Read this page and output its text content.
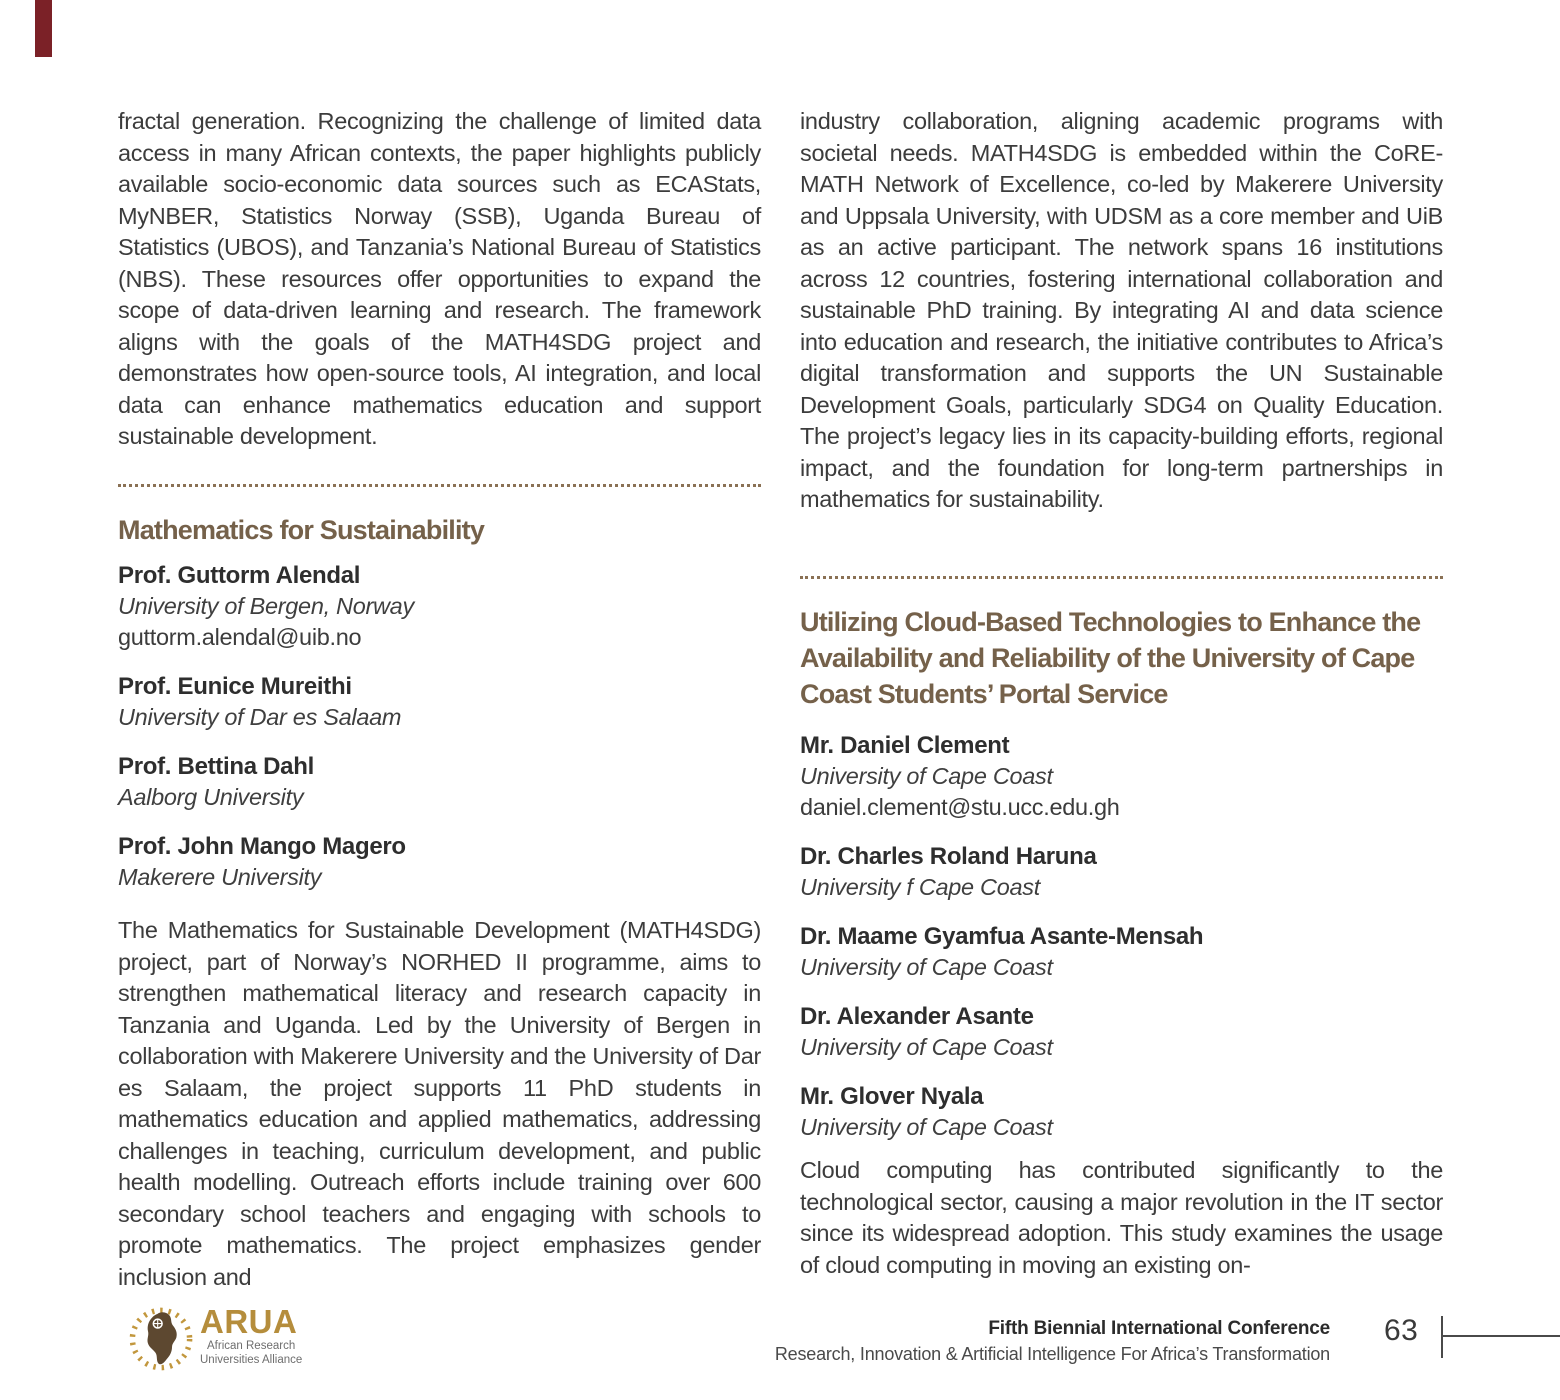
fractal generation. Recognizing the challenge of limited data access in many African contexts, the paper highlights publicly available socio-economic data sources such as ECAStats, MyNBER, Statistics Norway (SSB), Uganda Bureau of Statistics (UBOS), and Tanzania’s National Bureau of Statistics (NBS). These resources offer opportunities to expand the scope of data-driven learning and research. The framework aligns with the goals of the MATH4SDG project and demonstrates how open-source tools, AI integration, and local data can enhance mathematics education and support sustainable development.
Mathematics for Sustainability
Prof. Guttorm Alendal
University of Bergen, Norway
guttorm.alendal@uib.no
Prof. Eunice Mureithi
University of Dar es Salaam
Prof. Bettina Dahl
Aalborg University
Prof. John Mango Magero
Makerere University
The Mathematics for Sustainable Development (MATH4SDG) project, part of Norway’s NORHED II programme, aims to strengthen mathematical literacy and research capacity in Tanzania and Uganda. Led by the University of Bergen in collaboration with Makerere University and the University of Dar es Salaam, the project supports 11 PhD students in mathematics education and applied mathematics, addressing challenges in teaching, curriculum development, and public health modelling. Outreach efforts include training over 600 secondary school teachers and engaging with schools to promote mathematics. The project emphasizes gender inclusion and
industry collaboration, aligning academic programs with societal needs. MATH4SDG is embedded within the CoRE-MATH Network of Excellence, co-led by Makerere University and Uppsala University, with UDSM as a core member and UiB as an active participant. The network spans 16 institutions across 12 countries, fostering international collaboration and sustainable PhD training. By integrating AI and data science into education and research, the initiative contributes to Africa’s digital transformation and supports the UN Sustainable Development Goals, particularly SDG4 on Quality Education. The project’s legacy lies in its capacity-building efforts, regional impact, and the foundation for long-term partnerships in mathematics for sustainability.
Utilizing Cloud-Based Technologies to Enhance the Availability and Reliability of the University of Cape Coast Students’ Portal Service
Mr. Daniel Clement
University of Cape Coast
daniel.clement@stu.ucc.edu.gh
Dr. Charles Roland Haruna
University f Cape Coast
Dr. Maame Gyamfua Asante-Mensah
University of Cape Coast
Dr. Alexander Asante
University of Cape Coast
Mr. Glover Nyala
University of Cape Coast
Cloud computing has contributed significantly to the technological sector, causing a major revolution in the IT sector since its widespread adoption. This study examines the usage of cloud computing in moving an existing on-
ARUA
African Research
Universities Alliance
Fifth Biennial International Conference
Research, Innovation & Artificial Intelligence For Africa’s Transformation
63
